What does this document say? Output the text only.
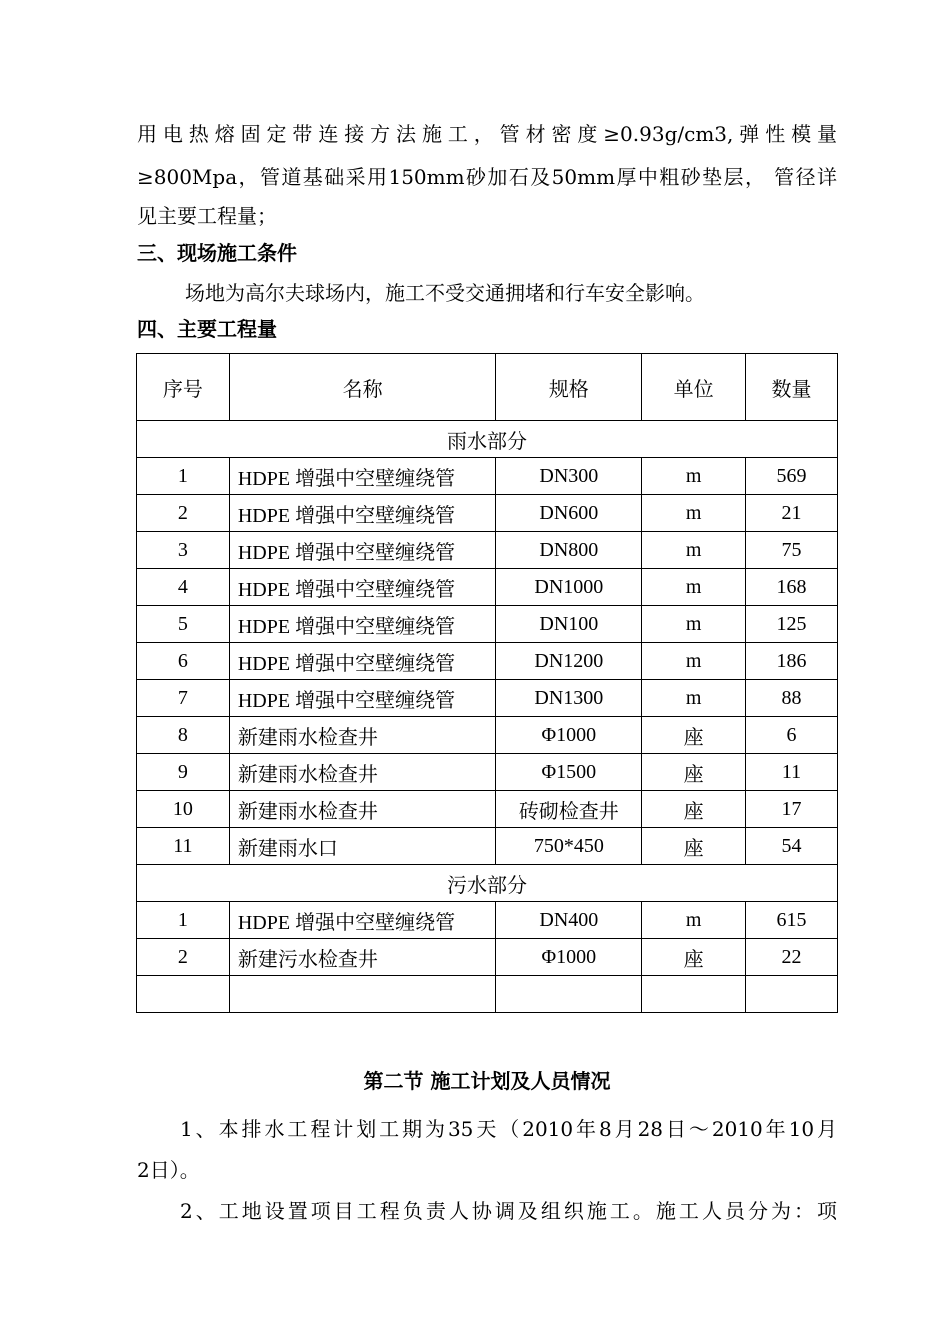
用电热熔固定带连接方法施工，管材密度≥0.93g/cm3,弹性模量
≥800Mpa，管道基础采用150mm砂加石及50mm厚中粗砂垫层， 管径详
见主要工程量；
三、现场施工条件
场地为高尔夫球场内，施工不受交通拥堵和行车安全影响。
四、主要工程量
序号	名称	规格	单位	数量
雨水部分				
1	HDPE 增强中空壁缠绕管	DN300	m	569
2	HDPE 增强中空壁缠绕管	DN600	m	21
3	HDPE 增强中空壁缠绕管	DN800	m	75
4	HDPE 增强中空壁缠绕管	DN1000	m	168
5	HDPE 增强中空壁缠绕管	DN100	m	125
6	HDPE 增强中空壁缠绕管	DN1200	m	186
7	HDPE 增强中空壁缠绕管	DN1300	m	88
8	新建雨水检查井	Φ1000	座	6
9	新建雨水检查井	Φ1500	座	11
10	新建雨水检查井	砖砌检查井	座	17
11	新建雨水口	750*450	座	54
污水部分				
1	HDPE 增强中空壁缠绕管	DN400	m	615
2	新建污水检查井	Φ1000	座	22

第二节 施工计划及人员情况
1、本排水工程计划工期为35天（2010年8月28日～2010年10月
2日）。
2、工地设置项目工程负责人协调及组织施工。施工人员分为：项
